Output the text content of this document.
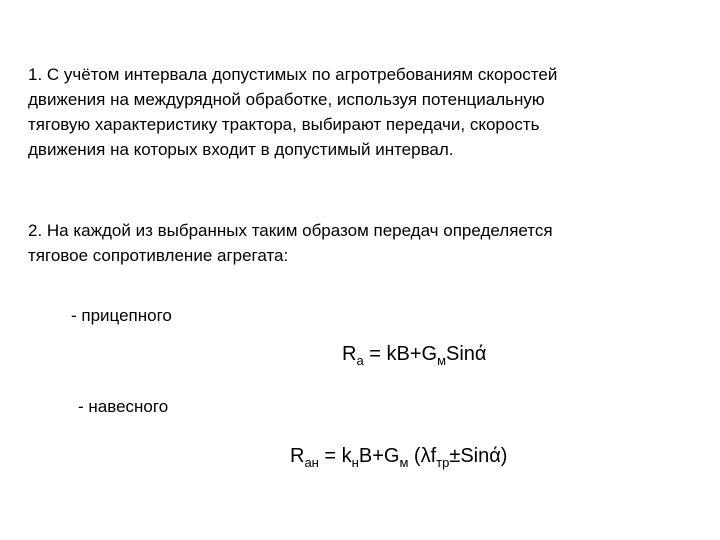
1. С учётом интервала допустимых по агротребованиям скоростей
движения на междурядной обработке, используя потенциальную
тяговую характеристику трактора, выбирают передачи, скорость
движения на которых входит в допустимый интервал.
2. На каждой из выбранных таким образом передач определяется
тяговое сопротивление агрегата:
- прицепного
$R_а = kB+G_мSinά$
- навесного
$R_{ан} = k_нB+G_м$ $(\lambda f_{тр}\pm Sinά)$
